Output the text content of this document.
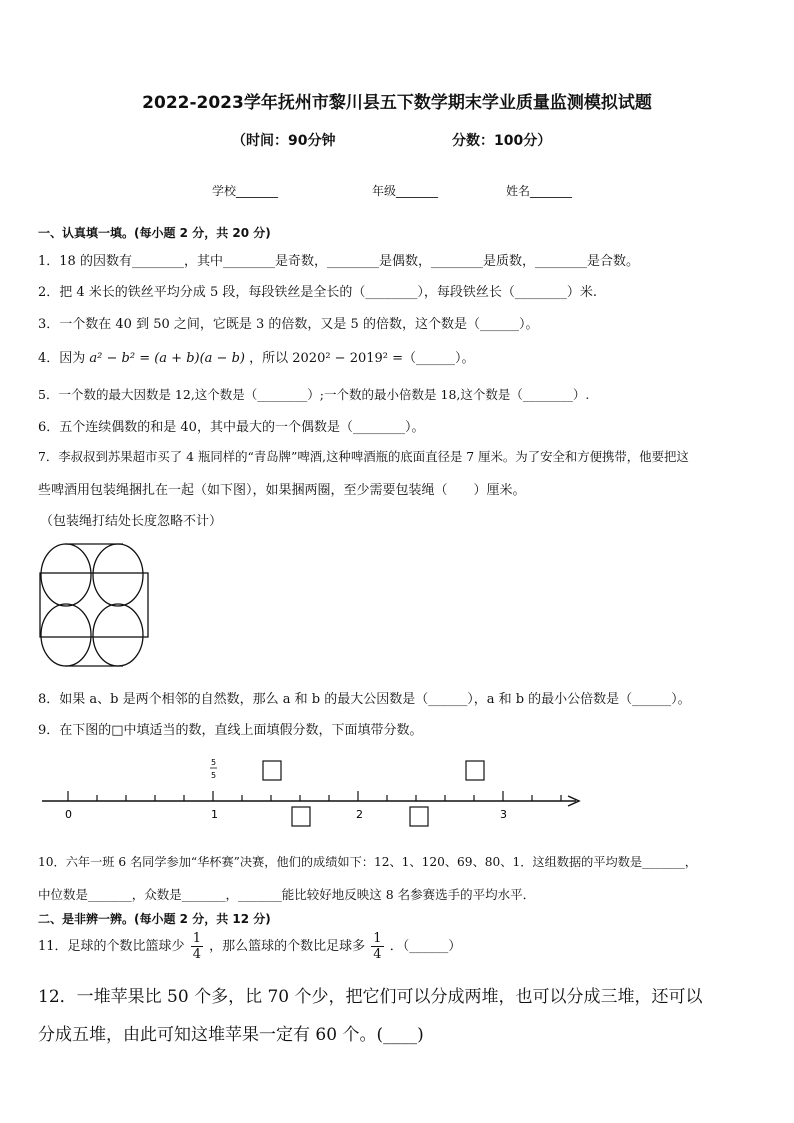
2022-2023学年抚州市黎川县五下数学期末学业质量监测模拟试题
（时间：90分钟	分数：100分）
学校_______	年级_______	姓名_______
一、认真填一填。(每小题 2 分，共 20 分)
1．18 的因数有________，其中________是奇数，________是偶数，________是质数，________是合数。
2．把 4 米长的铁丝平均分成 5 段，每段铁丝是全长的（________），每段铁丝长（________）米.
3．一个数在 40 到 50 之间，它既是 3 的倍数，又是 5 的倍数，这个数是（______）。
4．因为 a² − b² = (a + b)(a − b) ，所以 2020² − 2019² =（______）。
5．一个数的最大因数是 12,这个数是（________）;一个数的最小倍数是 18,这个数是（________）.
6．五个连续偶数的和是 40，其中最大的一个偶数是（________）。
7．李叔叔到苏果超市买了 4 瓶同样的“青岛牌”啤酒,这种啤酒瓶的底面直径是 7 厘米。为了安全和方便携带，他要把这
些啤酒用包装绳捆扎在一起（如下图），如果捆两圈，至少需要包装绳（　　）厘米。
（包装绳打结处长度忽略不计）
8．如果 a、b 是两个相邻的自然数，那么 a 和 b 的最大公因数是（______），a 和 b 的最小公倍数是（______）。
9．在下图的□中填适当的数，直线上面填假分数，下面填带分数。
0	1	2	3
5
5
10．六年一班 6 名同学参加“华杯赛”决赛，他们的成绩如下：12、1、120、69、80、1．这组数据的平均数是_______，
中位数是_______，众数是_______，_______能比较好地反映这 8 名参赛选手的平均水平．
二、是非辨一辨。(每小题 2 分，共 12 分)
11．足球的个数比篮球少 $\frac{1}{4}$ ，那么篮球的个数比足球多 $\frac{1}{4}$ ．（______）
12．一堆苹果比 50 个多，比 70 个少，把它们可以分成两堆，也可以分成三堆，还可以
分成五堆，由此可知这堆苹果一定有 60 个。(____)
